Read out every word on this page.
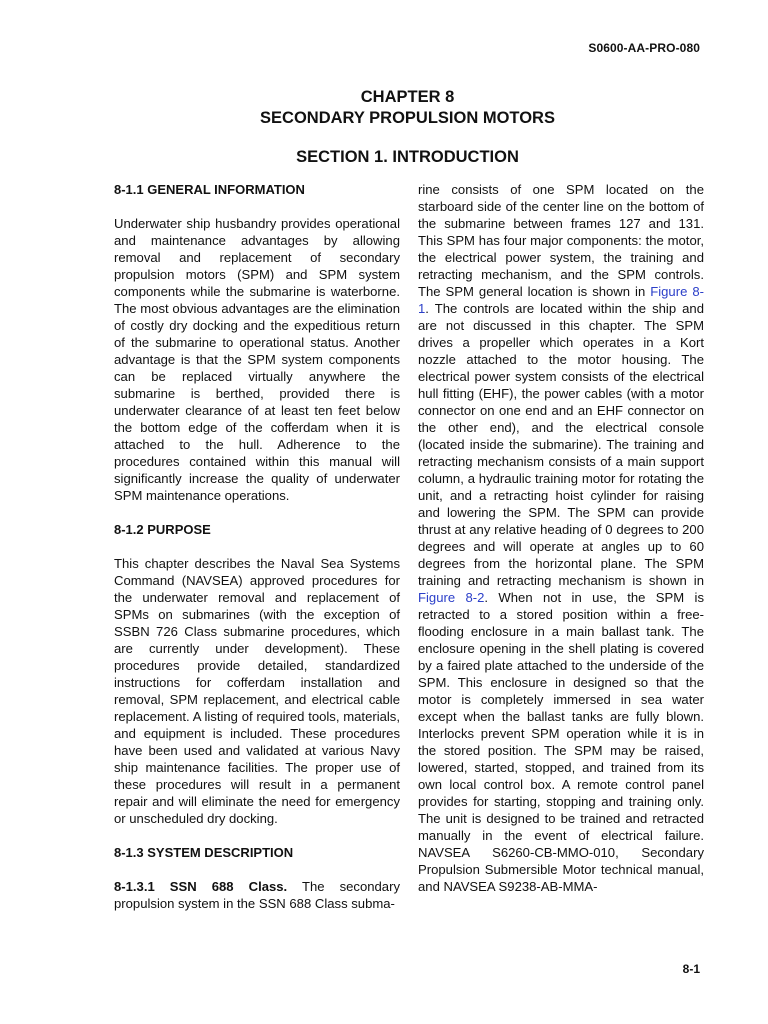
S0600-AA-PRO-080
CHAPTER 8
SECONDARY PROPULSION MOTORS
SECTION 1. INTRODUCTION
8-1.1 GENERAL INFORMATION

Underwater ship husbandry provides operational and maintenance advantages by allowing removal and replacement of secondary propulsion motors (SPM) and SPM system components while the submarine is waterborne. The most obvious advantages are the elimination of costly dry docking and the expeditious return of the submarine to operational status. Another advantage is that the SPM system components can be replaced virtually anywhere the submarine is berthed, provided there is underwater clearance of at least ten feet below the bottom edge of the cofferdam when it is attached to the hull. Adherence to the procedures contained within this manual will significantly increase the quality of underwater SPM maintenance operations.

8-1.2 PURPOSE

This chapter describes the Naval Sea Systems Command (NAVSEA) approved procedures for the underwater removal and replacement of SPMs on submarines (with the exception of SSBN 726 Class submarine procedures, which are currently under development). These procedures provide detailed, standardized instructions for cofferdam installation and removal, SPM replacement, and electrical cable replacement. A listing of required tools, materials, and equipment is included. These procedures have been used and validated at various Navy ship maintenance facilities. The proper use of these procedures will result in a permanent repair and will eliminate the need for emergency or unscheduled dry docking.

8-1.3 SYSTEM DESCRIPTION

8-1.3.1 SSN 688 Class. The secondary propulsion system in the SSN 688 Class subma-

rine consists of one SPM located on the starboard side of the center line on the bottom of the submarine between frames 127 and 131. This SPM has four major components: the motor, the electrical power system, the training and retracting mechanism, and the SPM controls. The SPM general location is shown in Figure 8-1. The controls are located within the ship and are not discussed in this chapter. The SPM drives a propeller which operates in a Kort nozzle attached to the motor housing. The electrical power system consists of the electrical hull fitting (EHF), the power cables (with a motor connector on one end and an EHF connector on the other end), and the electrical console (located inside the submarine). The training and retracting mechanism consists of a main support column, a hydraulic training motor for rotating the unit, and a retracting hoist cylinder for raising and lowering the SPM. The SPM can provide thrust at any relative heading of 0 degrees to 200 degrees and will operate at angles up to 60 degrees from the horizontal plane. The SPM training and retracting mechanism is shown in Figure 8-2. When not in use, the SPM is retracted to a stored position within a free-flooding enclosure in a main ballast tank. The enclosure opening in the shell plating is covered by a faired plate attached to the underside of the SPM. This enclosure in designed so that the motor is completely immersed in sea water except when the ballast tanks are fully blown. Interlocks prevent SPM operation while it is in the stored position. The SPM may be raised, lowered, started, stopped, and trained from its own local control box. A remote control panel provides for starting, stopping and training only. The unit is designed to be trained and retracted manually in the event of electrical failure. NAVSEA S6260-CB-MMO-010, Secondary Propulsion Submersible Motor technical manual, and NAVSEA S9238-AB-MMA-

8-1
